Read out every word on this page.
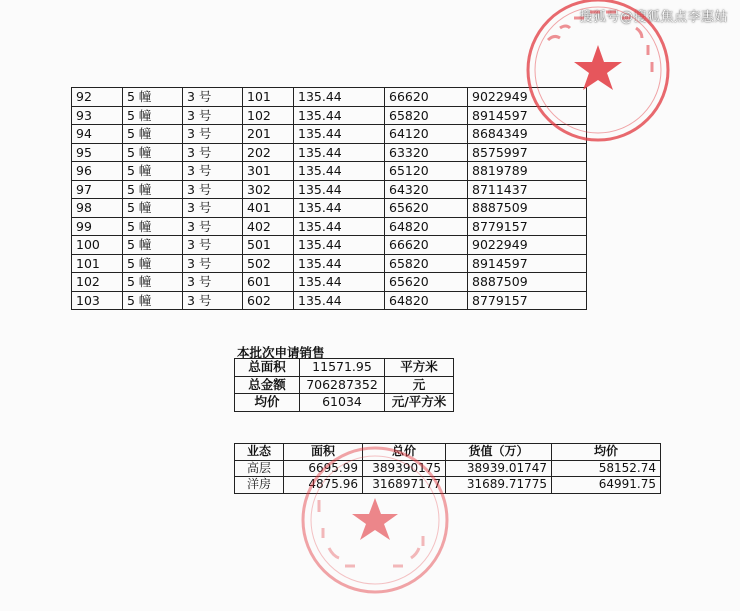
搜狐号@搜狐焦点李惠姑
92	5 幢	3 号	101	135.44	66620	9022949
93	5 幢	3 号	102	135.44	65820	8914597
94	5 幢	3 号	201	135.44	64120	8684349
95	5 幢	3 号	202	135.44	63320	8575997
96	5 幢	3 号	301	135.44	65120	8819789
97	5 幢	3 号	302	135.44	64320	8711437
98	5 幢	3 号	401	135.44	65620	8887509
99	5 幢	3 号	402	135.44	64820	8779157
100	5 幢	3 号	501	135.44	66620	9022949
101	5 幢	3 号	502	135.44	65820	8914597
102	5 幢	3 号	601	135.44	65620	8887509
103	5 幢	3 号	602	135.44	64820	8779157
本批次申请销售
总面积	11571.95	平方米
总金额	706287352	元
均价	61034	元/平方米
业态	面积	总价	货值（万）	均价
高层	6695.99	389390175	38939.01747	58152.74
洋房	4875.96	316897177	31689.71775	64991.75
